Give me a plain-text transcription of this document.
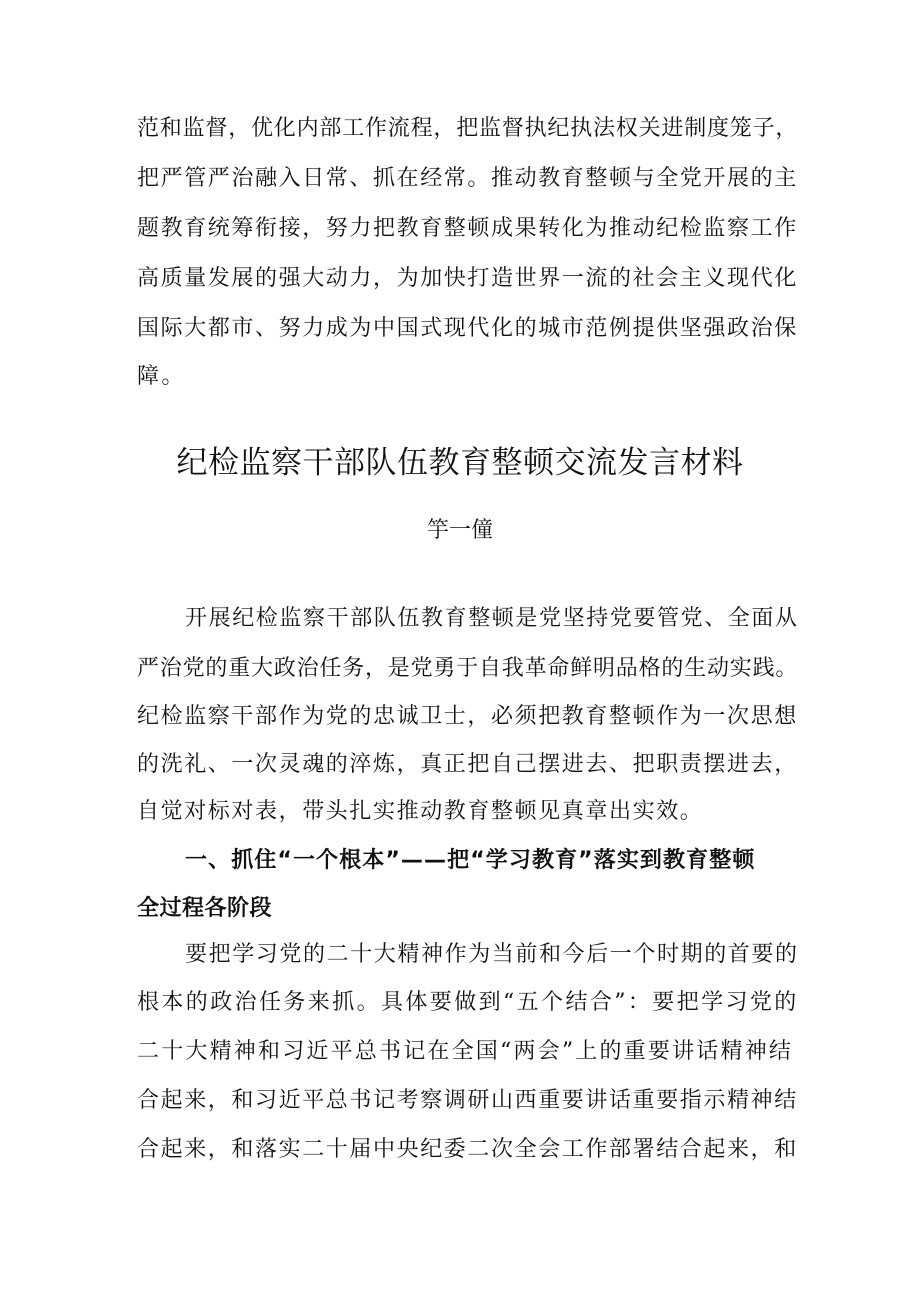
范和监督，优化内部工作流程，把监督执纪执法权关进制度笼子，
把严管严治融入日常、抓在经常。推动教育整顿与全党开展的主
题教育统筹衔接，努力把教育整顿成果转化为推动纪检监察工作
高质量发展的强大动力，为加快打造世界一流的社会主义现代化
国际大都市、努力成为中国式现代化的城市范例提供坚强政治保
障。
纪检监察干部队伍教育整顿交流发言材料
竽一僮
开展纪检监察干部队伍教育整顿是党坚持党要管党、全面从
严治党的重大政治任务，是党勇于自我革命鲜明品格的生动实践。
纪检监察干部作为党的忠诚卫士，必须把教育整顿作为一次思想
的洗礼、一次灵魂的淬炼，真正把自己摆进去、把职责摆进去，
自觉对标对表，带头扎实推动教育整顿见真章出实效。
一、抓住“一个根本”——把“学习教育”落实到教育整顿
全过程各阶段
要把学习党的二十大精神作为当前和今后一个时期的首要的
根本的政治任务来抓。具体要做到“五个结合”：要把学习党的
二十大精神和习近平总书记在全国“两会”上的重要讲话精神结
合起来，和习近平总书记考察调研山西重要讲话重要指示精神结
合起来，和落实二十届中央纪委二次全会工作部署结合起来，和
